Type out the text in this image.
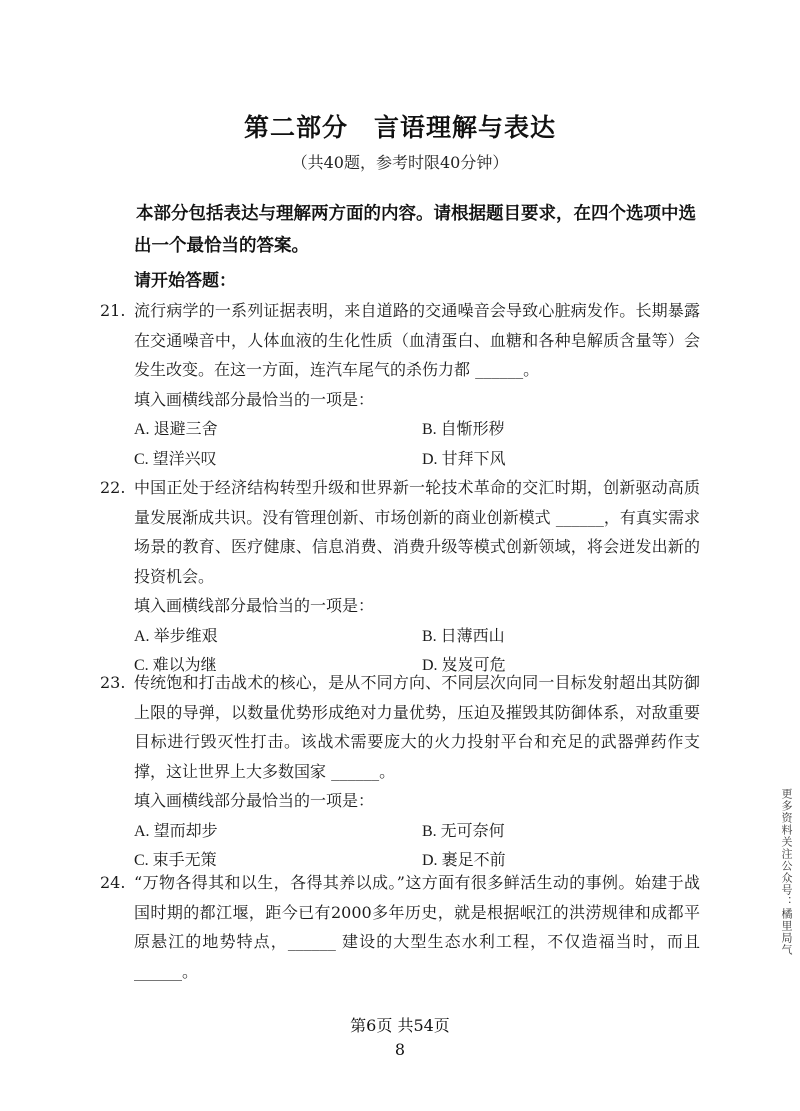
第二部分 言语理解与表达
（共40题，参考时限40分钟）
本部分包括表达与理解两方面的内容。请根据题目要求，在四个选项中选出一个最恰当的答案。
请开始答题：
21. 流行病学的一系列证据表明，来自道路的交通噪音会导致心脏病发作。长期暴露在交通噪音中，人体血液的生化性质（血清蛋白、血糖和各种皂解质含量等）会发生改变。在这一方面，连汽车尾气的杀伤力都 ______。
填入画横线部分最恰当的一项是：
A. 退避三舍	B. 自惭形秽
C. 望洋兴叹	D. 甘拜下风
22. 中国正处于经济结构转型升级和世界新一轮技术革命的交汇时期，创新驱动高质量发展渐成共识。没有管理创新、市场创新的商业创新模式 ______，有真实需求场景的教育、医疗健康、信息消费、消费升级等模式创新领域，将会迸发出新的投资机会。
填入画横线部分最恰当的一项是：
A. 举步维艰	B. 日薄西山
C. 难以为继	D. 岌岌可危
23. 传统饱和打击战术的核心，是从不同方向、不同层次向同一目标发射超出其防御上限的导弹，以数量优势形成绝对力量优势，压迫及摧毁其防御体系，对敌重要目标进行毁灭性打击。该战术需要庞大的火力投射平台和充足的武器弹药作支撑，这让世界上大多数国家 ______。
填入画横线部分最恰当的一项是：
A. 望而却步	B. 无可奈何
C. 束手无策	D. 裹足不前
24. “万物各得其和以生，各得其养以成。”这方面有很多鲜活生动的事例。始建于战国时期的都江堰，距今已有2000多年历史，就是根据岷江的洪涝规律和成都平原悬江的地势特点，______ 建设的大型生态水利工程，不仅造福当时，而且 ______。
更多资料关注公众号：橘里局气
第6页 共54页
8
